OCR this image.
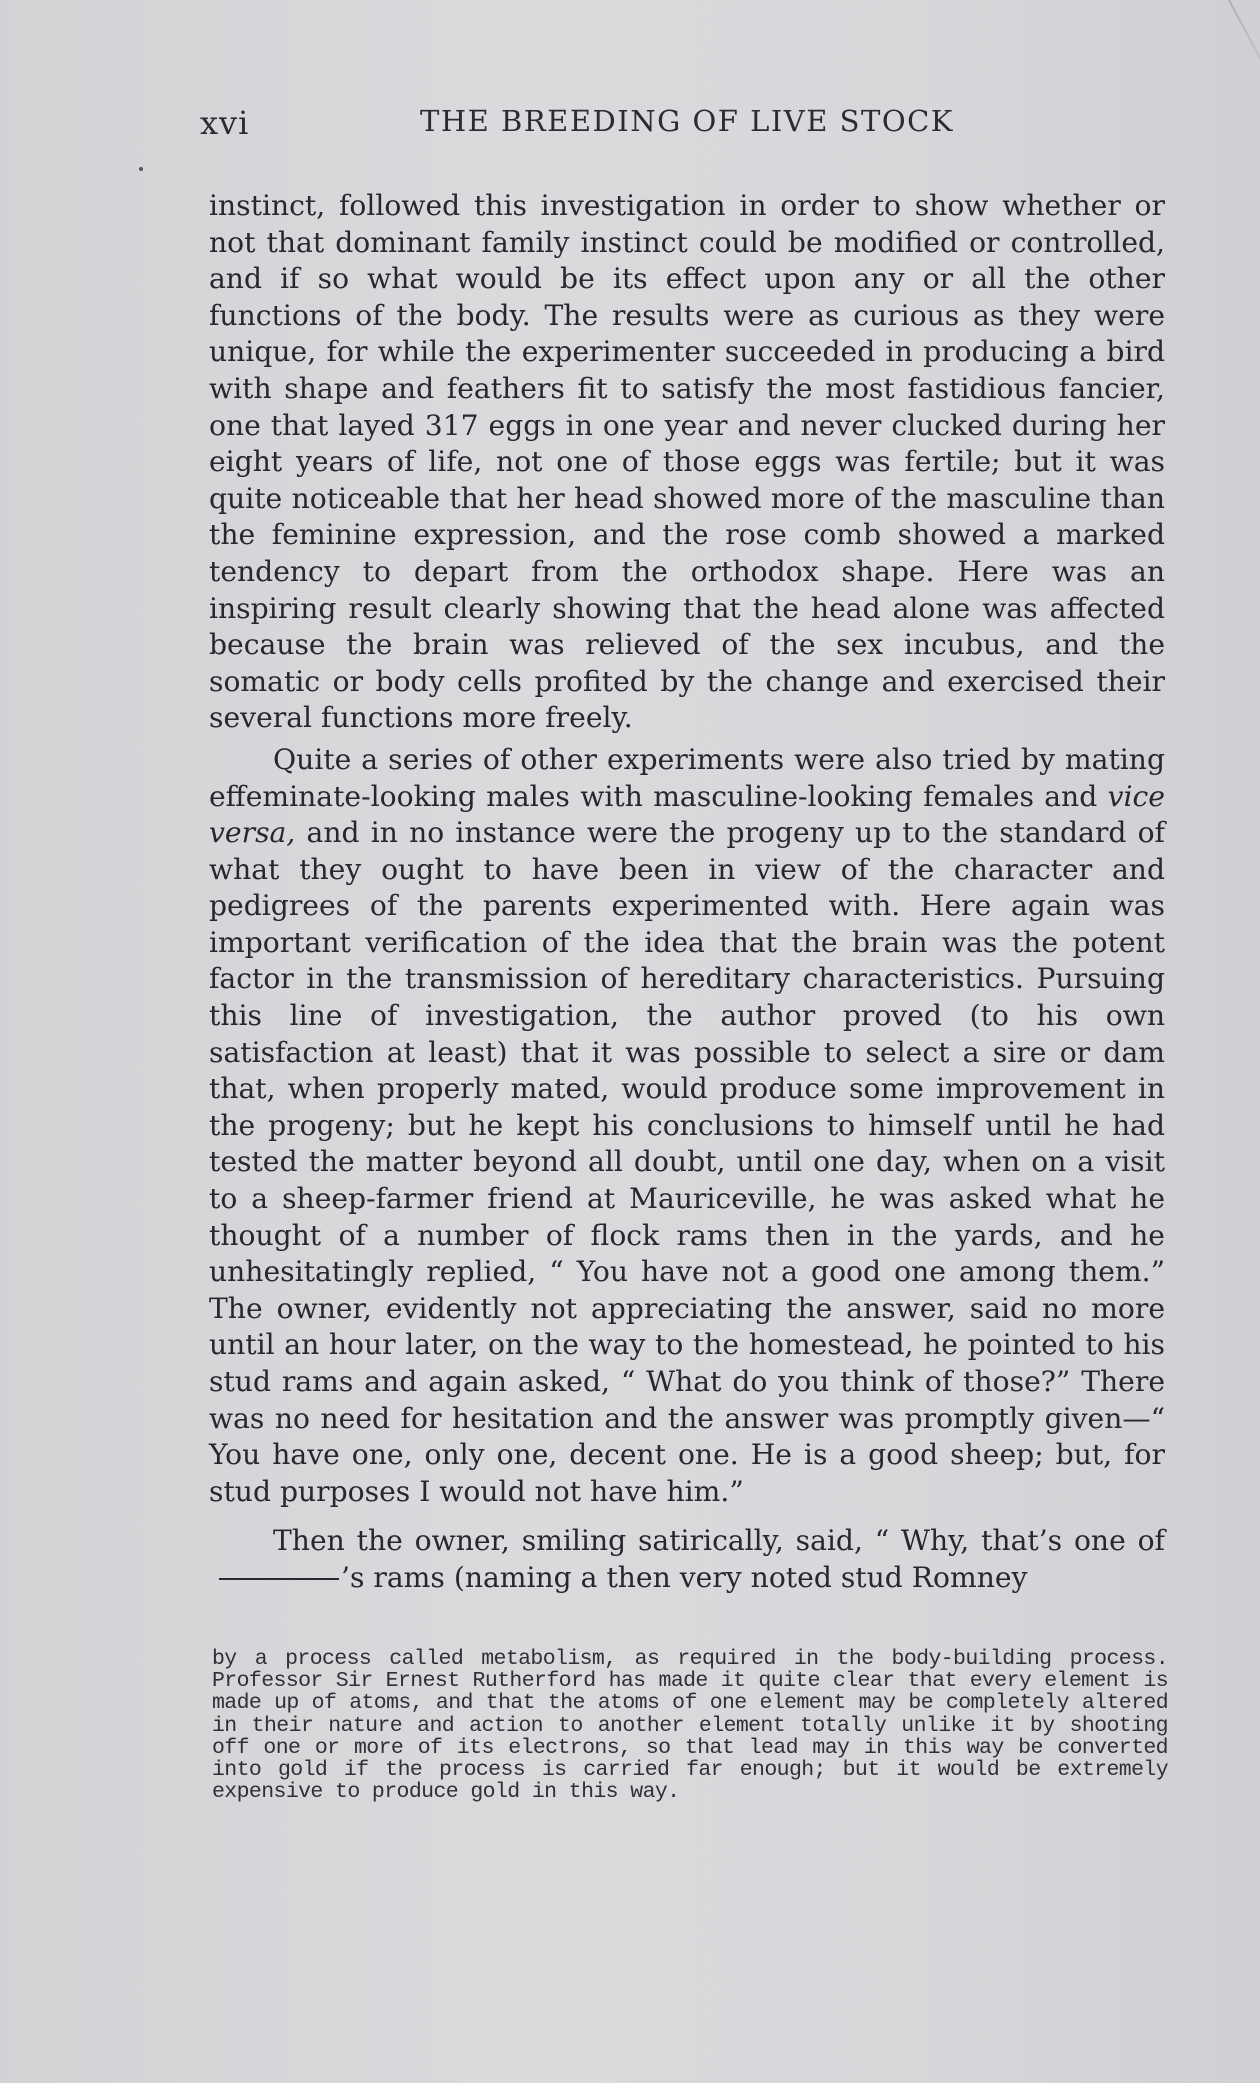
xvi	THE BREEDING OF LIVE STOCK

instinct, followed this investigation in order to show whether or not that dominant family instinct could be modified or controlled, and if so what would be its effect upon any or all the other functions of the body. The results were as curious as they were unique, for while the experimenter succeeded in producing a bird with shape and feathers fit to satisfy the most fastidious fancier, one that layed 317 eggs in one year and never clucked during her eight years of life, not one of those eggs was fertile; but it was quite noticeable that her head showed more of the masculine than the feminine expression, and the rose comb showed a marked tendency to depart from the orthodox shape. Here was an inspiring result clearly showing that the head alone was affected because the brain was relieved of the sex incubus, and the somatic or body cells profited by the change and exercised their several functions more freely.

Quite a series of other experiments were also tried by mating effeminate-looking males with masculine-looking females and vice versa, and in no instance were the progeny up to the standard of what they ought to have been in view of the character and pedigrees of the parents experimented with. Here again was important verification of the idea that the brain was the potent factor in the transmission of hereditary characteristics. Pursuing this line of investigation, the author proved (to his own satisfaction at least) that it was possible to select a sire or dam that, when properly mated, would produce some improvement in the progeny; but he kept his conclusions to himself until he had tested the matter beyond all doubt, until one day, when on a visit to a sheep-farmer friend at Mauriceville, he was asked what he thought of a number of flock rams then in the yards, and he unhesitatingly replied, “ You have not a good one among them.” The owner, evidently not appreciating the answer, said no more until an hour later, on the way to the homestead, he pointed to his stud rams and again asked, “ What do you think of those?” There was no need for hesitation and the answer was promptly given—“ You have one, only one, decent one. He is a good sheep; but, for stud purposes I would not have him.”

Then the owner, smiling satirically, said, “ Why, that’s one of’s rams (naming a then very noted stud Romney

by a process called metabolism, as required in the body-building process. Professor Sir Ernest Rutherford has made it quite clear that every element is made up of atoms, and that the atoms of one element may be completely altered in their nature and action to another element totally unlike it by shooting off one or more of its electrons, so that lead may in this way be converted into gold if the process is carried far enough; but it would be extremely expensive to produce gold in this way.
